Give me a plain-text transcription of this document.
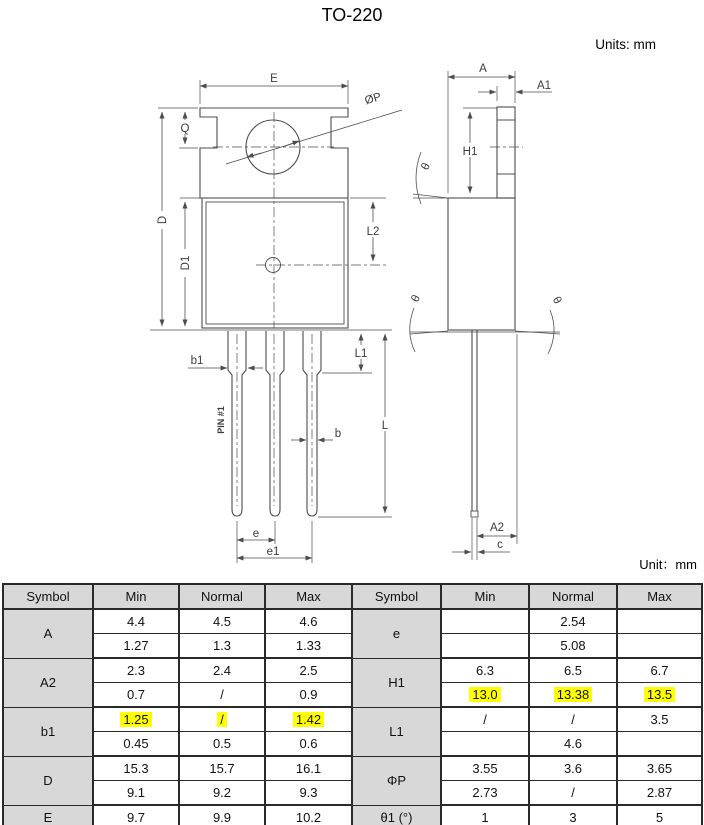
TO-220
Units: mm
Unit：mm
E
ØP
Q
D
D1
L2
b1
L1
L
b
PIN #1
e
e1
A
A1
H1
θ
θ	θ
A2
c
Symbol	Min	Normal	Max	Symbol	Min	Normal	Max
A	4.4	4.5	4.6	e		2.54	
	1.27	1.3	1.33			5.08	
A2	2.3	2.4	2.5	H1	6.3	6.5	6.7
	0.7	/	0.9		13.0	13.38	13.5
b1	1.25	/	1.42	L1	/	/	3.5
	0.45	0.5	0.6			4.6	
D	15.3	15.7	16.1	ΦP	3.55	3.6	3.65
	9.1	9.2	9.3		2.73	/	2.87
E	9.7	9.9	10.2	θ1 (°)	1	3	5
